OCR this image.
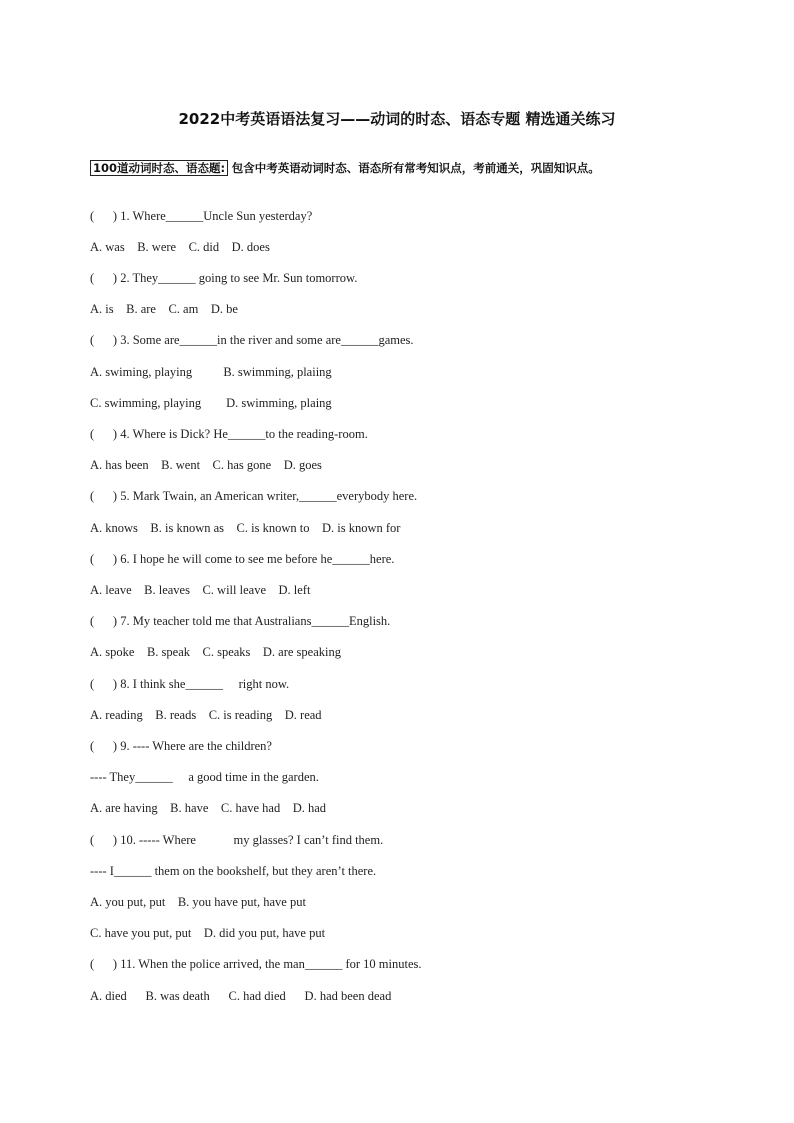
2022中考英语语法复习——动词的时态、语态专题 精选通关练习
100道动词时态、语态题: 包含中考英语动词时态、语态所有常考知识点，考前通关，巩固知识点。
(      ) 1. Where______Uncle Sun yesterday?
A. was    B. were    C. did    D. does
(      ) 2. They______ going to see Mr. Sun tomorrow.
A. is    B. are    C. am    D. be
(      ) 3. Some are______in the river and some are______games.
A. swiming, playing          B. swimming, plaiing
C. swimming, playing        D. swimming, plaing
(      ) 4. Where is Dick? He______to the reading-room.
A. has been    B. went    C. has gone    D. goes
(      ) 5. Mark Twain, an American writer,______everybody here.
A. knows    B. is known as    C. is known to    D. is known for
(      ) 6. I hope he will come to see me before he______here.
A. leave    B. leaves    C. will leave    D. left
(      ) 7. My teacher told me that Australians______English.
A. spoke    B. speak    C. speaks    D. are speaking
(      ) 8. I think she______     right now.
A. reading    B. reads    C. is reading    D. read
(      ) 9. ---- Where are the children?
---- They______     a good time in the garden.
A. are having    B. have    C. have had    D. had
(      ) 10. ----- Where            my glasses? I can’t find them.
---- I______ them on the bookshelf, but they aren’t there.
A. you put, put    B. you have put, have put
C. have you put, put    D. did you put, have put
(      ) 11. When the police arrived, the man______ for 10 minutes.
A. died      B. was death      C. had died      D. had been dead
